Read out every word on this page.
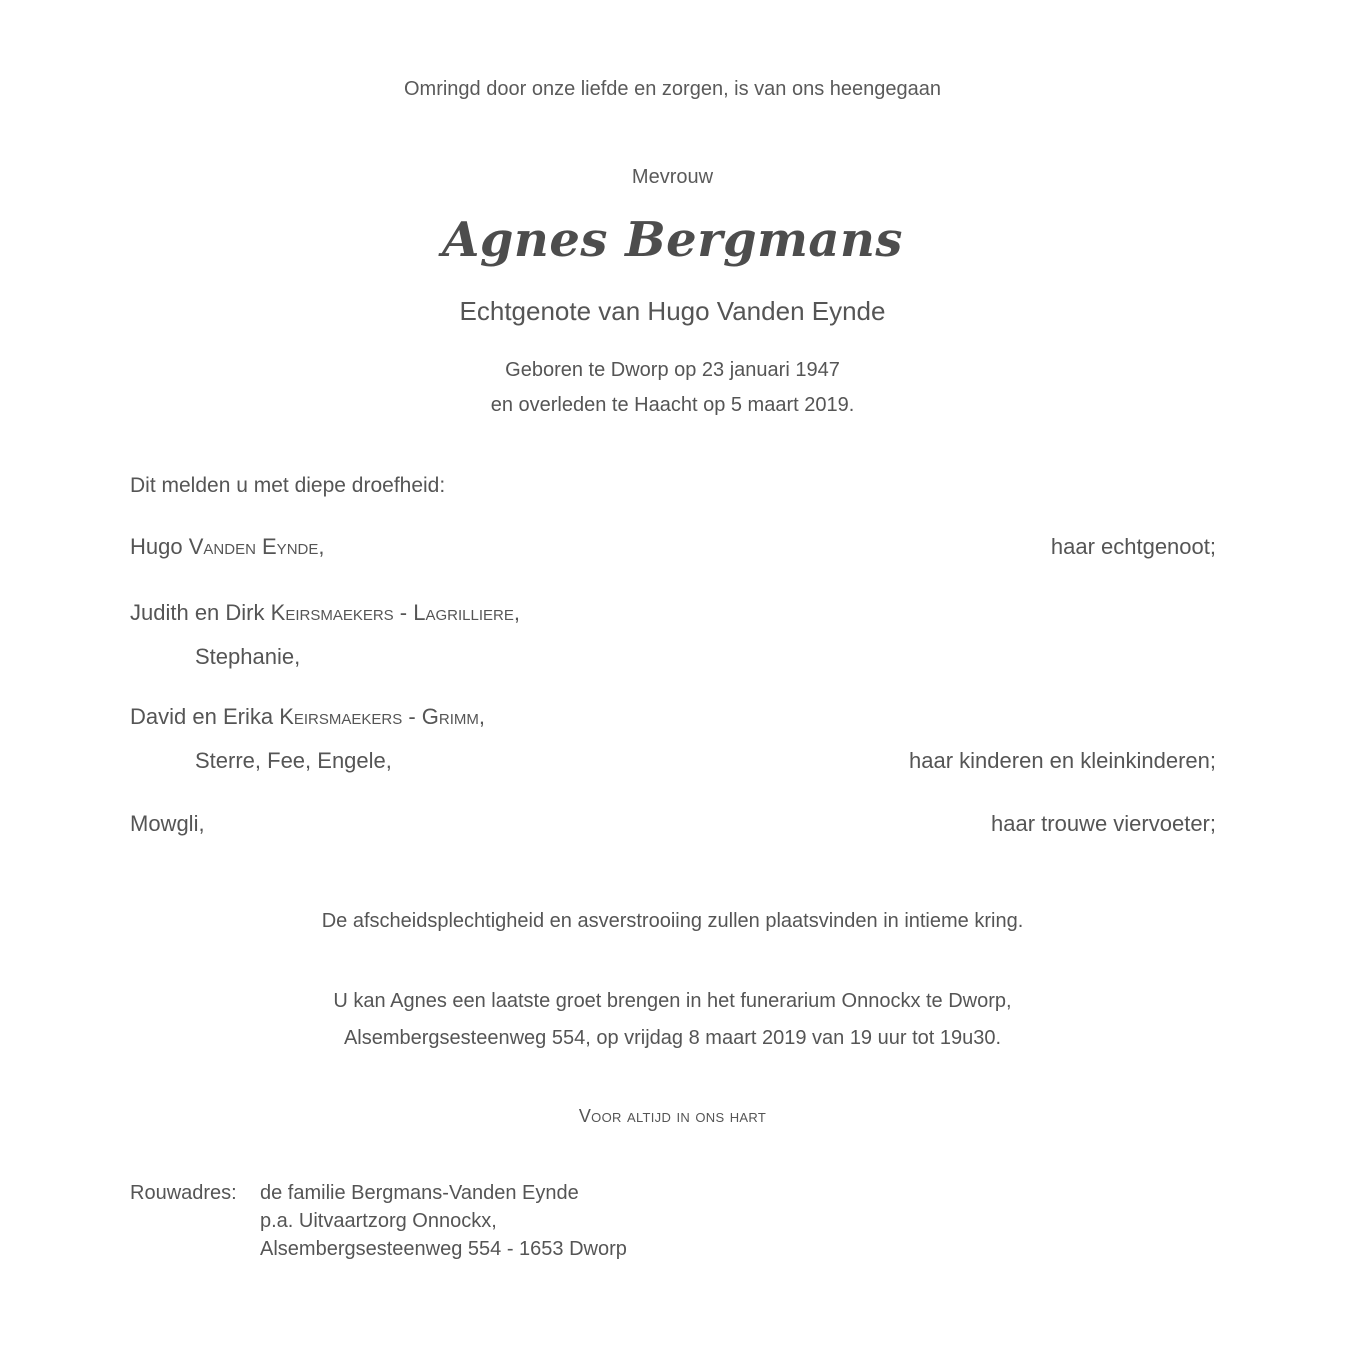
Omringd door onze liefde en zorgen, is van ons heengegaan
Mevrouw
Agnes Bergmans
Echtgenote van Hugo Vanden Eynde
Geboren te Dworp op 23 januari 1947
en overleden te Haacht op 5 maart 2019.
Dit melden u met diepe droefheid:
Hugo Vanden Eynde,	haar echtgenoot;
Judith en Dirk Keirsmaekers - Lagrilliere,
Stephanie,
David en Erika Keirsmaekers - Grimm,
Sterre, Fee, Engele,	haar kinderen en kleinkinderen;
Mowgli,	haar trouwe viervoeter;
De afscheidsplechtigheid en asverstrooiing zullen plaatsvinden in intieme kring.
U kan Agnes een laatste groet brengen in het funerarium Onnockx te Dworp,
Alsembergsesteenweg 554, op vrijdag 8 maart 2019 van 19 uur tot 19u30.
Voor altijd in ons hart
Rouwadres: de familie Bergmans-Vanden Eynde
p.a. Uitvaartzorg Onnockx,
Alsembergsesteenweg 554 - 1653 Dworp
